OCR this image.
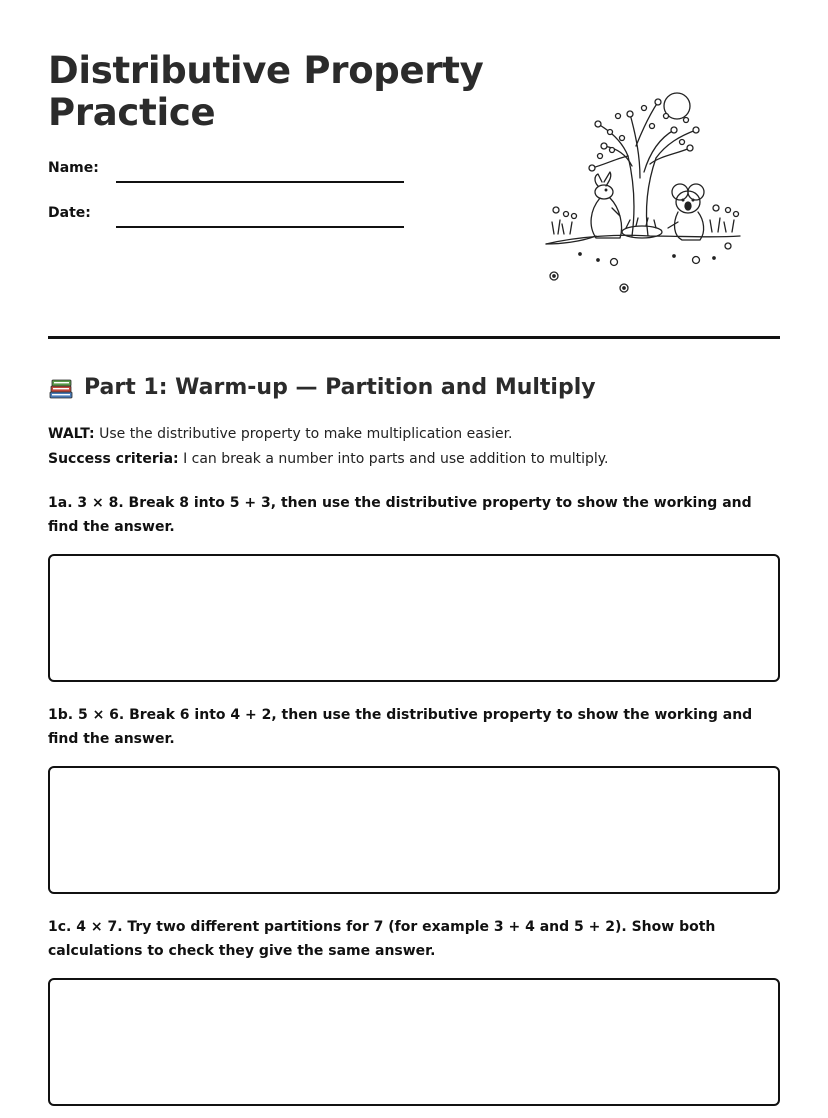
Distributive Property Practice
Name:
Date:
Part 1: Warm-up — Partition and Multiply
WALT: Use the distributive property to make multiplication easier.
Success criteria: I can break a number into parts and use addition to multiply.

1a. 3 × 8. Break 8 into 5 + 3, then use the distributive property to show the working and find the answer.

1b. 5 × 6. Break 6 into 4 + 2, then use the distributive property to show the working and find the answer.

1c. 4 × 7. Try two different partitions for 7 (for example 3 + 4 and 5 + 2). Show both calculations to check they give the same answer.
